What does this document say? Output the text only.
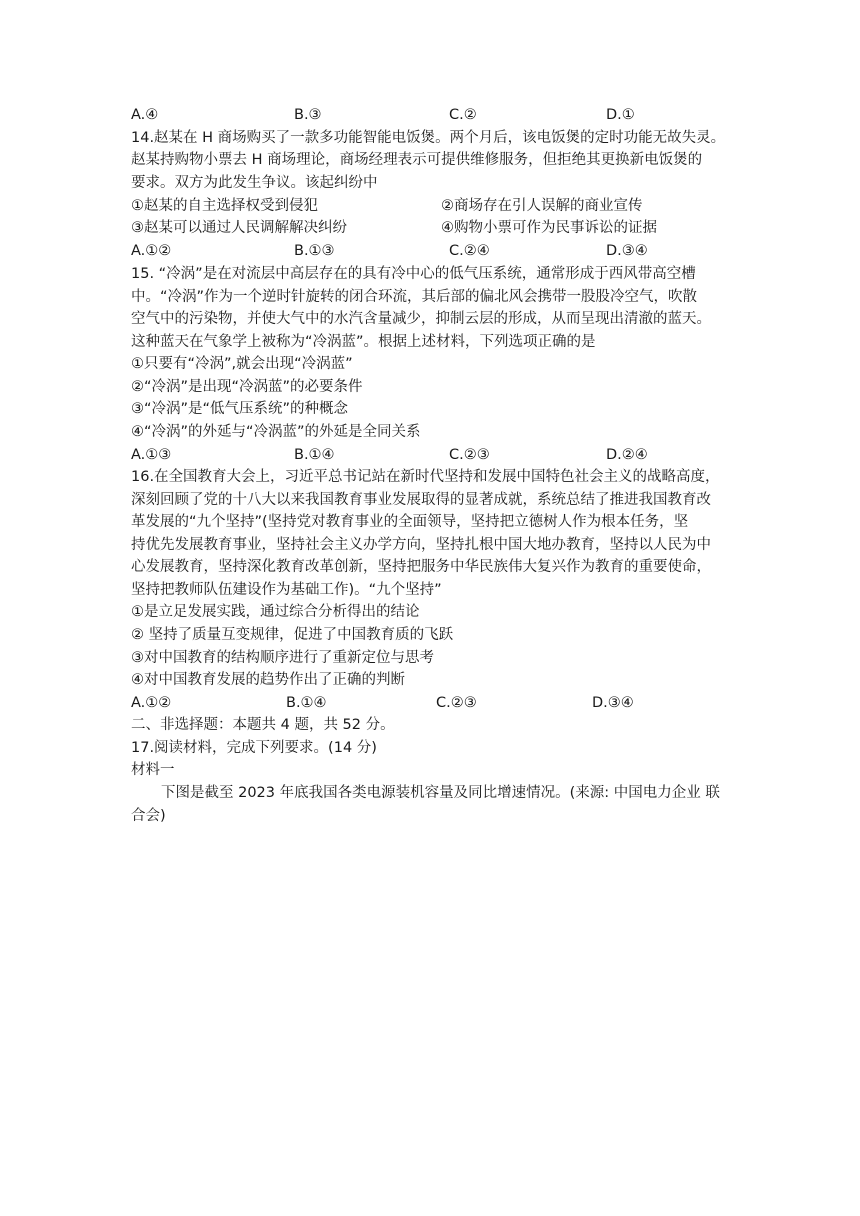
A.④	B.③	C.②	D.①
14.赵某在 H 商场购买了一款多功能智能电饭煲。两个月后，该电饭煲的定时功能无故失灵。
赵某持购物小票去 H 商场理论，商场经理表示可提供维修服务，但拒绝其更换新电饭煲的
要求。双方为此发生争议。该起纠纷中
①赵某的自主选择权受到侵犯	②商场存在引人误解的商业宣传
③赵某可以通过人民调解解决纠纷	④购物小票可作为民事诉讼的证据
A.①②	B.①③	C.②④	D.③④
15. “冷涡”是在对流层中高层存在的具有冷中心的低气压系统，通常形成于西风带高空槽
中。“冷涡”作为一个逆时针旋转的闭合环流，其后部的偏北风会携带一股股冷空气，吹散
空气中的污染物，并使大气中的水汽含量减少，抑制云层的形成，从而呈现出清澈的蓝天。
这种蓝天在气象学上被称为“冷涡蓝”。根据上述材料，下列选项正确的是
①只要有“冷涡”,就会出现“冷涡蓝”
②“冷涡”是出现“冷涡蓝”的必要条件
③“冷涡”是“低气压系统”的种概念
④“冷涡”的外延与“冷涡蓝”的外延是全同关系
A.①③	B.①④	C.②③	D.②④
16.在全国教育大会上，习近平总书记站在新时代坚持和发展中国特色社会主义的战略高度，
深刻回顾了党的十八大以来我国教育事业发展取得的显著成就，系统总结了推进我国教育改
革发展的“九个坚持”(坚持党对教育事业的全面领导，坚持把立德树人作为根本任务，坚
持优先发展教育事业，坚持社会主义办学方向，坚持扎根中国大地办教育，坚持以人民为中
心发展教育，坚持深化教育改革创新，坚持把服务中华民族伟大复兴作为教育的重要使命，
坚持把教师队伍建设作为基础工作)。“九个坚持”
①是立足发展实践，通过综合分析得出的结论
② 坚持了质量互变规律，促进了中国教育质的飞跃
③对中国教育的结构顺序进行了重新定位与思考
④对中国教育发展的趋势作出了正确的判断
A.①②	B.①④	C.②③	D.③④
二、非选择题：本题共 4 题，共 52 分。
17.阅读材料，完成下列要求。(14 分)
材料一
下图是截至 2023 年底我国各类电源装机容量及同比增速情况。(来源: 中国电力企业 联
合会)
